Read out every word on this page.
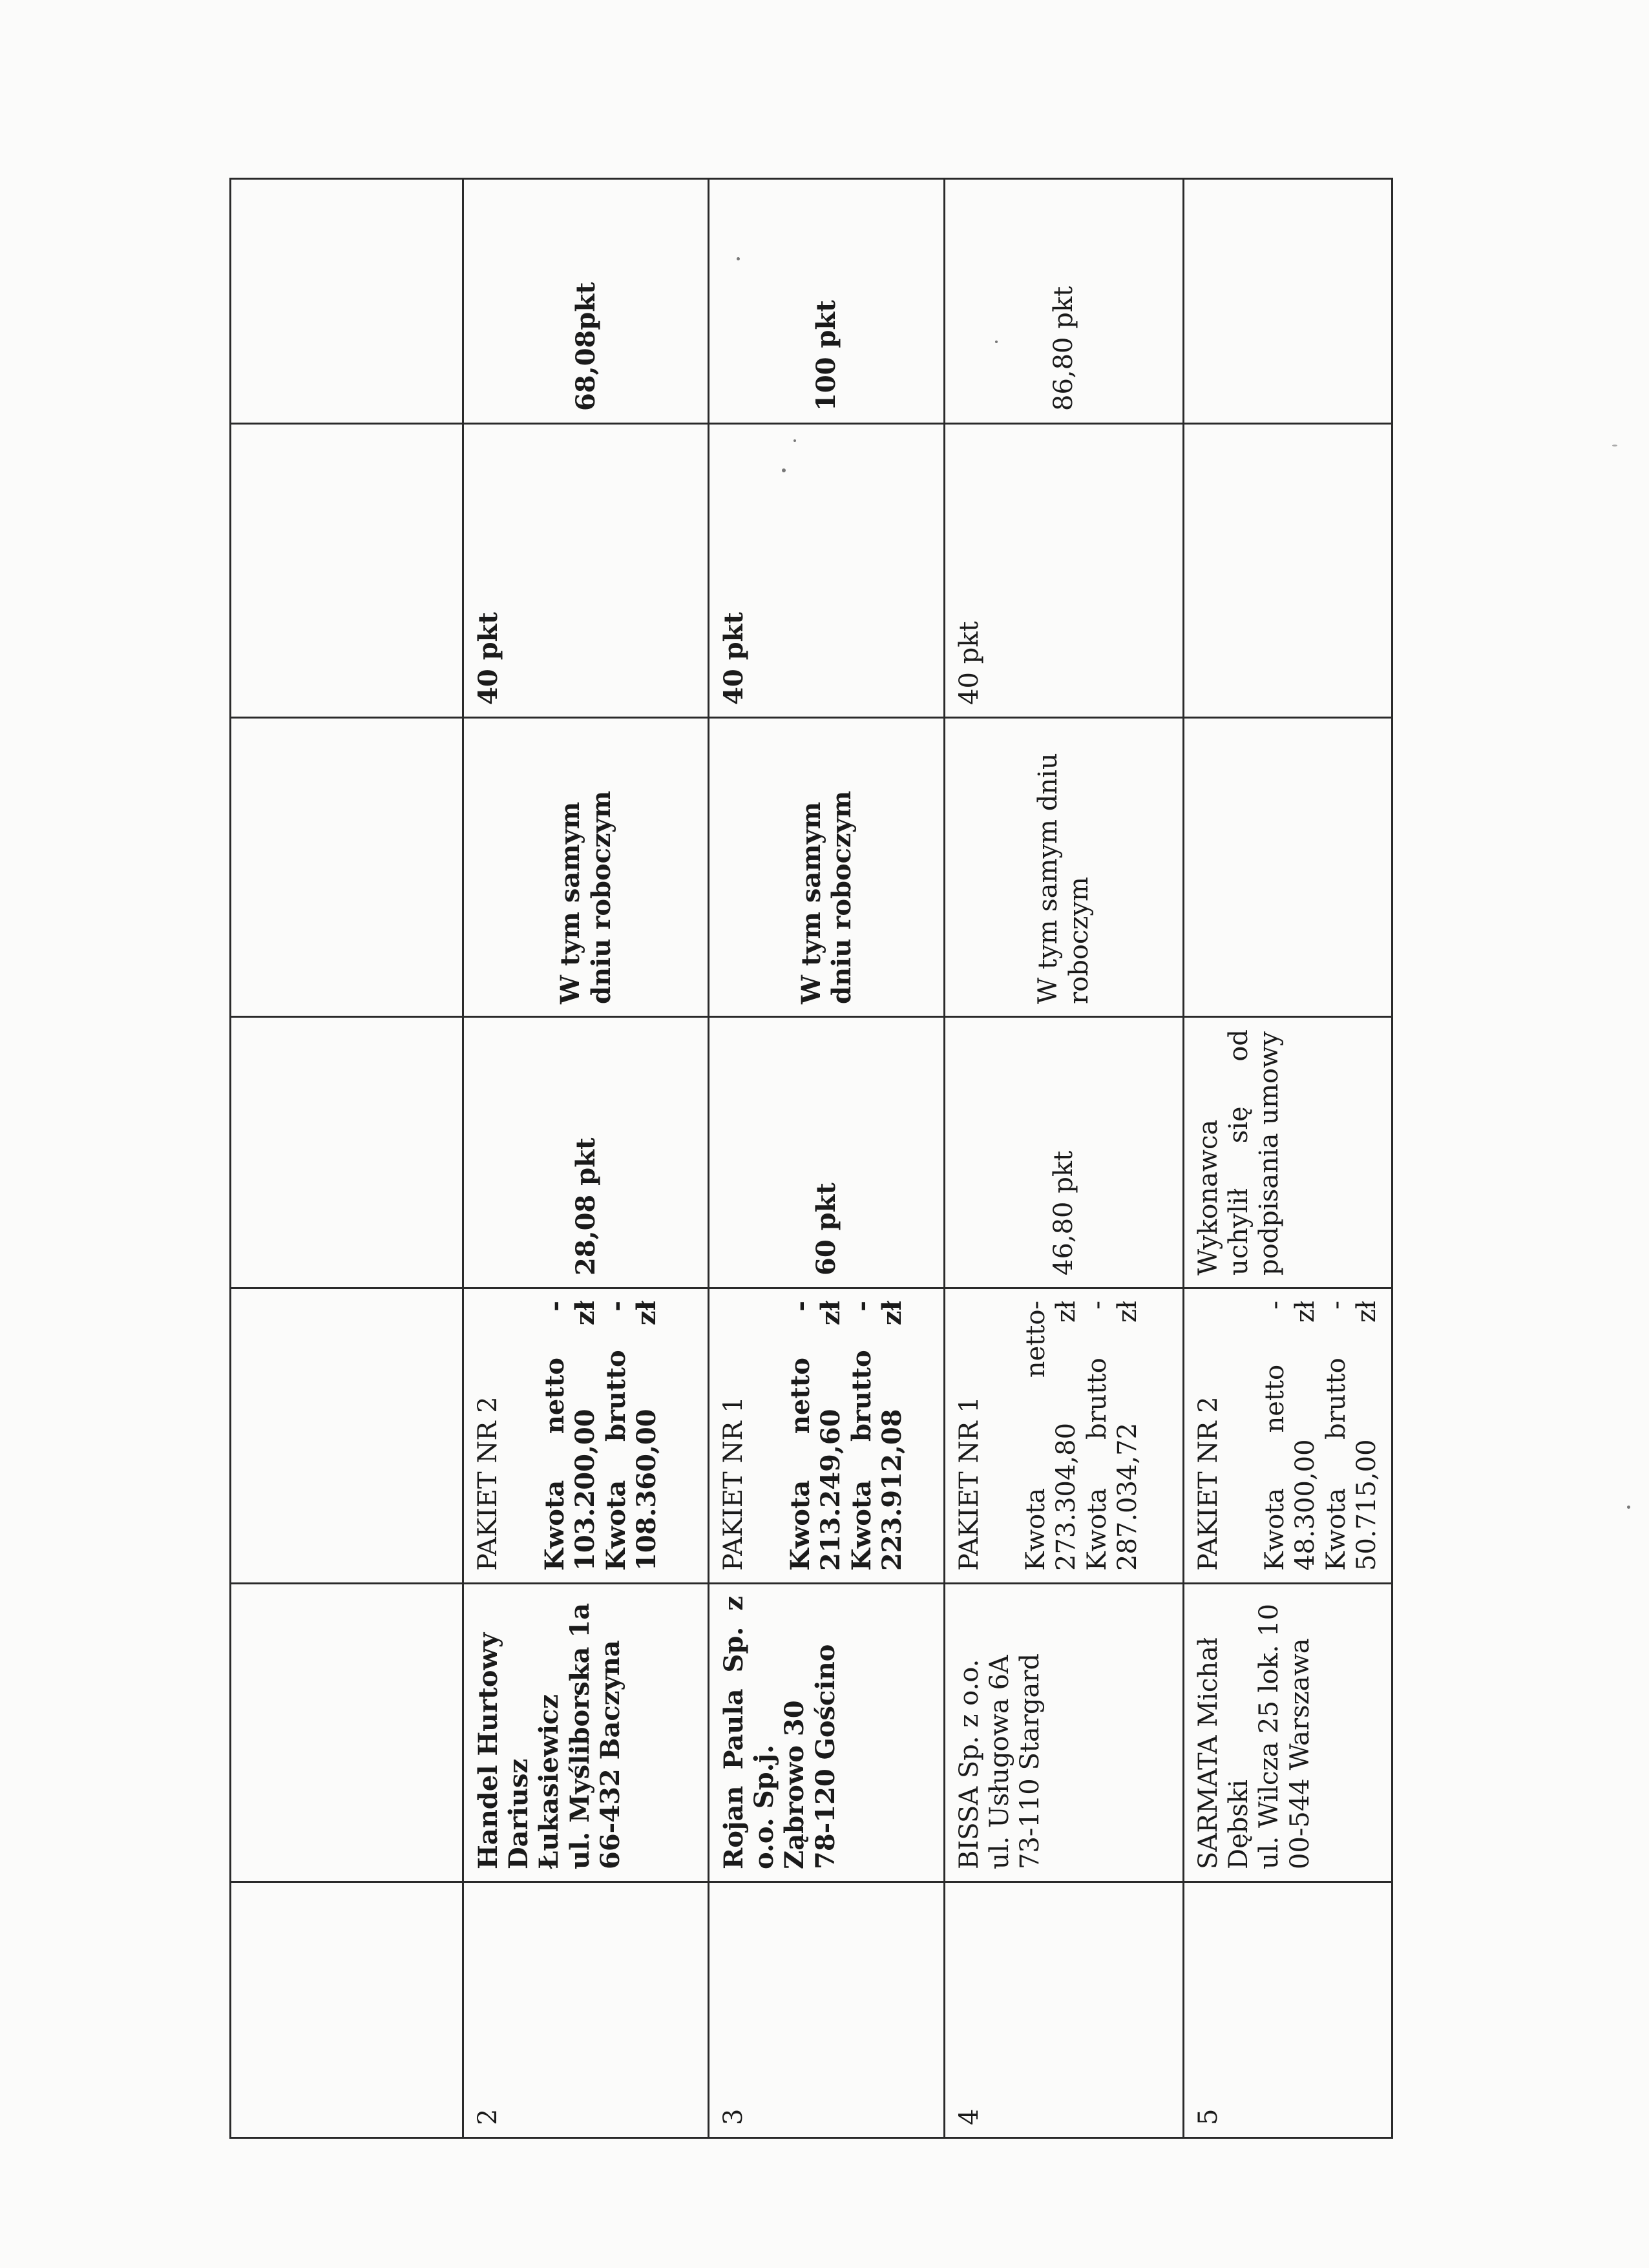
2	Handel Hurtowy Dariusz Łukasiewicz ul. Myśliborska 1a 66-432 Baczyna	PAKIET NR 2 Kwota netto - 103.200,00 zł Kwota brutto - 108.360,00 zł	28,08 pkt	W tym samym dniu roboczym	40 pkt	68,08pkt
3	Rojan Paula Sp. z o.o. Sp.j. Ząbrowo 30 78-120 Gościno	PAKIET NR 1 Kwota netto - 213.249,60 zł Kwota brutto - 223.912,08 zł	60 pkt	W tym samym dniu roboczym	40 pkt	100 pkt
4	BISSA Sp. z o.o. ul. Usługowa 6A 73-110 Stargard	PAKIET NR 1 Kwota netto- 273.304,80 zł Kwota brutto - 287.034,72 zł	46,80 pkt	W tym samym dniu roboczym	40 pkt	86,80 pkt
5	SARMATA Michał Dębski ul. Wilcza 25 lok. 10 00-544 Warszawa	PAKIET NR 2 Kwota netto - 48.300,00 zł Kwota brutto - 50.715,00 zł	Wykonawca uchylił się od podpisania umowy			
